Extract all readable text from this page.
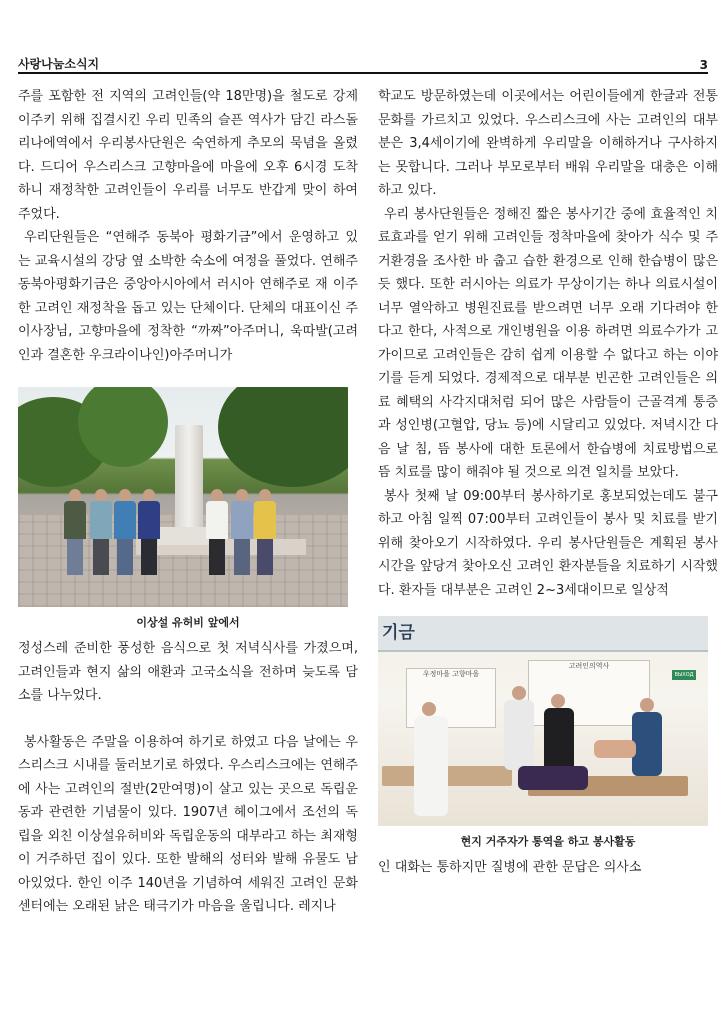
사랑나눔소식지	3

주를 포함한 전 지역의 고려인들(약 18만명)을 철도로 강제 이주키 위해 집결시킨 우리 민족의 슬픈 역사가 담긴 라스돌리나에역에서 우리봉사단원은 숙연하게 추모의 묵념을 올렸다. 드디어 우스리스크 고향마을에 마을에 오후 6시경 도착하니 재정착한 고려인들이 우리를 너무도 반갑게 맞이 하여주었다.

우리단원들은 “연해주 동북아 평화기금”에서 운영하고 있는 교육시설의 강당 옆 소박한 숙소에 여정을 풀었다. 연해주동북아평화기금은 중앙아시아에서 러시아 연해주로 재 이주한 고려인 재정착을 돕고 있는 단체이다. 단체의 대표이신 주이사장님, 고향마을에 정착한 “까짜”아주머니, 욱따발(고려인과 결혼한 우크라이나인)아주머니가

이상설 유허비 앞에서

정성스레 준비한 풍성한 음식으로 첫 저녁식사를 가졌으며, 고려인들과 현지 삶의 애환과 고국소식을 전하며 늦도록 담소를 나누었다.

봉사활동은 주말을 이용하여 하기로 하였고 다음 날에는 우스리스크 시내를 둘러보기로 하였다. 우스리스크에는 연해주에 사는 고려인의 절반(2만여명)이 살고 있는 곳으로 독립운동과 관련한 기념물이 있다. 1907년 헤이그에서 조선의 독립을 외친 이상설유허비와 독립운동의 대부라고 하는 최재형이 거주하던 집이 있다. 또한 발해의 성터와 발해 유물도 남아있었다. 한인 이주 140년을 기념하여 세워진 고려인 문화센터에는 오래된 낡은 태극기가 마음을 울립니다. 레지나

학교도 방문하였는데 이곳에서는 어린이들에게 한글과 전통문화를 가르치고 있었다. 우스리스크에 사는 고려인의 대부분은 3,4세이기에 완벽하게 우리말을 이해하거나 구사하지는 못합니다. 그러나 부모로부터 배워 우리말을 대충은 이해하고 있다.

우리 봉사단원들은 정해진 짧은 봉사기간 중에 효율적인 치료효과를 얻기 위해 고려인들 정착마을에 찾아가 식수 및 주거환경을 조사한 바 춥고 습한 환경으로 인해 한습병이 많은 듯 했다. 또한 러시아는 의료가 무상이기는 하나 의료시설이 너무 열악하고 병원진료를 받으려면 너무 오래 기다려야 한다고 한다, 사적으로 개인병원을 이용 하려면 의료수가가 고가이므로 고려인들은 감히 쉽게 이용할 수 없다고 하는 이야기를 듣게 되었다. 경제적으로 대부분 빈곤한 고려인들은 의료 혜택의 사각지대처럼 되어 많은 사람들이 근골격계 통증과 성인병(고혈압, 당뇨 등)에 시달리고 있었다. 저녁시간 다음 날 침, 뜸 봉사에 대한 토론에서 한습병에 치료방법으로 뜸 치료를 많이 해줘야 될 것으로 의견 일치를 보았다.

봉사 첫째 날 09:00부터 봉사하기로 홍보되었는데도 불구하고 아침 일찍 07:00부터 고려인들이 봉사 및 치료를 받기 위해 찾아오기 시작하였다. 우리 봉사단원들은 계획된 봉사시간을 앞당겨 찾아오신 고려인 환자분들을 치료하기 시작했다. 환자들 대부분은 고려인 2~3세대이므로 일상적

기금
우정마을 고향마을
고려인의역사
ВЫХОД
현지 거주자가 통역을 하고 봉사활동

인 대화는 통하지만 질병에 관한 문답은 의사소
